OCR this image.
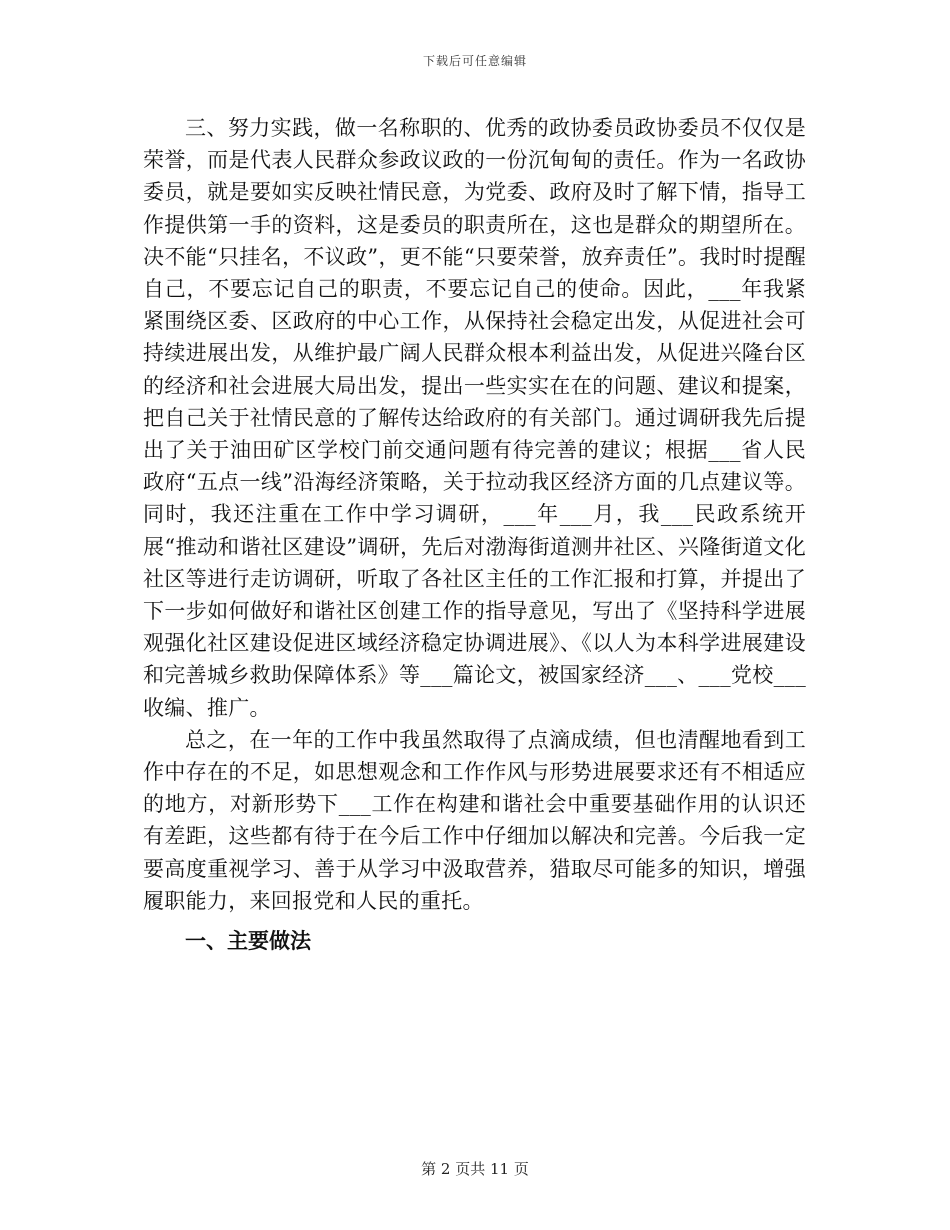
下载后可任意编辑

三、努力实践，做一名称职的、优秀的政协委员政协委员不仅仅是荣誉，而是代表人民群众参政议政的一份沉甸甸的责任。作为一名政协委员，就是要如实反映社情民意，为党委、政府及时了解下情，指导工作提供第一手的资料，这是委员的职责所在，这也是群众的期望所在。决不能“只挂名，不议政”，更不能“只要荣誉，放弃责任”。我时时提醒自己，不要忘记自己的职责，不要忘记自己的使命。因此，___年我紧紧围绕区委、区政府的中心工作，从保持社会稳定出发，从促进社会可持续进展出发，从维护最广阔人民群众根本利益出发，从促进兴隆台区的经济和社会进展大局出发，提出一些实实在在的问题、建议和提案，把自己关于社情民意的了解传达给政府的有关部门。通过调研我先后提出了关于油田矿区学校门前交通问题有待完善的建议；根据___省人民政府“五点一线”沿海经济策略，关于拉动我区经济方面的几点建议等。同时，我还注重在工作中学习调研，___年___月，我___民政系统开展“推动和谐社区建设”调研，先后对渤海街道测井社区、兴隆街道文化社区等进行走访调研，听取了各社区主任的工作汇报和打算，并提出了下一步如何做好和谐社区创建工作的指导意见，写出了《坚持科学进展观强化社区建设促进区域经济稳定协调进展》、《以人为本科学进展建设和完善城乡救助保障体系》等___篇论文，被国家经济___、___党校___收编、推广。

总之，在一年的工作中我虽然取得了点滴成绩，但也清醒地看到工作中存在的不足，如思想观念和工作作风与形势进展要求还有不相适应的地方，对新形势下___工作在构建和谐社会中重要基础作用的认识还有差距，这些都有待于在今后工作中仔细加以解决和完善。今后我一定要高度重视学习、善于从学习中汲取营养，猎取尽可能多的知识，增强履职能力，来回报党和人民的重托。

一、主要做法

第 2 页共 11 页
